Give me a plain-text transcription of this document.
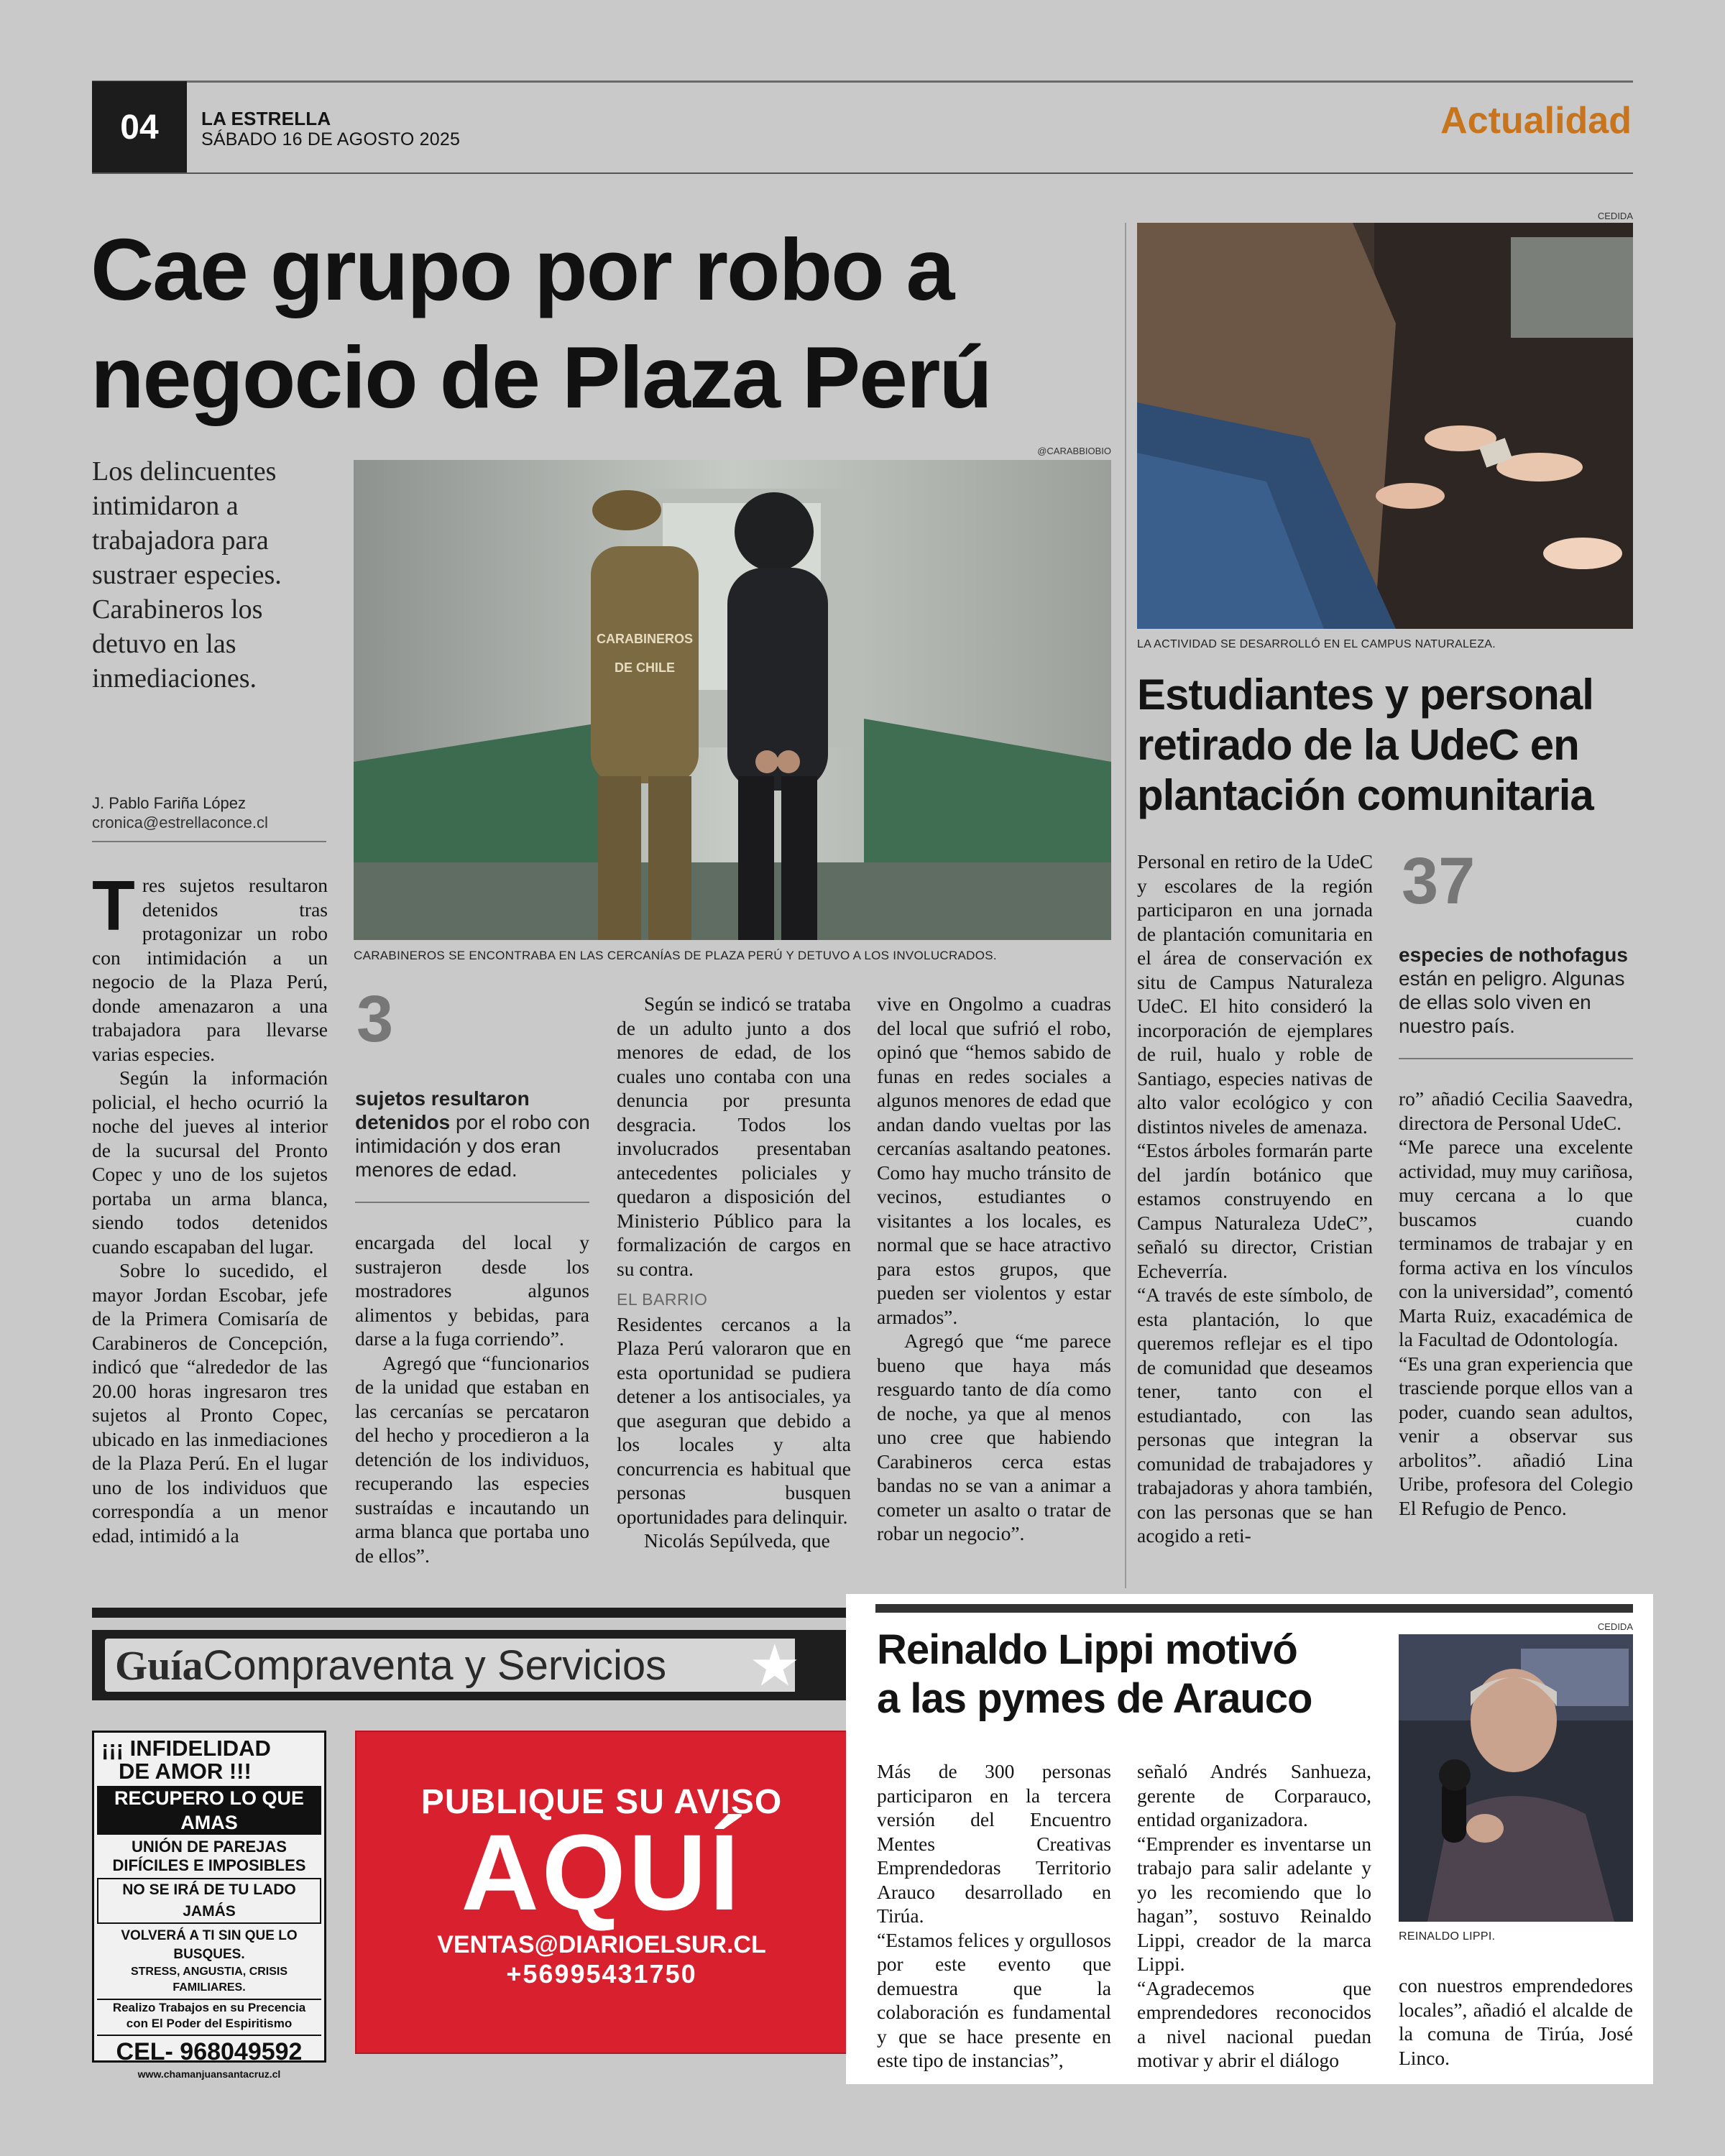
04 LA ESTRELLA
SÁBADO 16 DE AGOSTO 2025	Actualidad
Cae grupo por robo a
negocio de Plaza Perú
Los delincuentes intimidaron a trabajadora para sustraer especies. Carabineros los detuvo en las inmediaciones.
J. Pablo Fariña López
cronica@estrellaconce.cl
@CARABBIOBIO
CARABINEROS
DE CHILE
CARABINEROS SE ENCONTRABA EN LAS CERCANÍAS DE PLAZA PERÚ Y DETUVO A LOS INVOLUCRADOS.

Tres sujetos resultaron detenidos tras protagonizar un robo con intimidación a un negocio de la Plaza Perú, donde amenazaron a una trabajadora para llevarse varias especies.

Según la información policial, el hecho ocurrió la noche del jueves al interior de la sucursal del Pronto Copec y uno de los sujetos portaba un arma blanca, siendo todos detenidos cuando escapaban del lugar.

Sobre lo sucedido, el mayor Jordan Escobar, jefe de la Primera Comisaría de Carabineros de Concepción, indicó que “alrededor de las 20.00 horas ingresaron tres sujetos al Pronto Copec, ubicado en las inmediaciones de la Plaza Perú. En el lugar uno de los individuos que correspondía a un menor edad, intimidó a la

3
sujetos resultaron detenidos por el robo con intimidación y dos eran menores de edad.

encargada del local y sustrajeron desde los mostradores algunos alimentos y bebidas, para darse a la fuga corriendo”.

Agregó que “funcionarios de la unidad que estaban en las cercanías se percataron del hecho y procedieron a la detención de los individuos, recuperando las especies sustraídas e incautando un arma blanca que portaba uno de ellos”.

Según se indicó se trataba de un adulto junto a dos menores de edad, de los cuales uno contaba con una denuncia por presunta desgracia. Todos los involucrados presentaban antecedentes policiales y quedaron a disposición del Ministerio Público para la formalización de cargos en su contra.

EL BARRIO

Residentes cercanos a la Plaza Perú valoraron que en esta oportunidad se pudiera detener a los antisociales, ya que aseguran que debido a los locales y alta concurrencia es habitual que personas busquen oportunidades para delinquir.

Nicolás Sepúlveda, que

vive en Ongolmo a cuadras del local que sufrió el robo, opinó que “hemos sabido de funas en redes sociales a algunos menores de edad que andan dando vueltas por las cercanías asaltando peatones. Como hay mucho tránsito de vecinos, estudiantes o visitantes a los locales, es normal que se hace atractivo para estos grupos, que pueden ser violentos y estar armados”.

Agregó que “me parece bueno que haya más resguardo tanto de día como de noche, ya que al menos uno cree que habiendo Carabineros cerca estas bandas no se van a animar a cometer un asalto o tratar de robar un negocio”.

CEDIDA
LA ACTIVIDAD SE DESARROLLÓ EN EL CAMPUS NATURALEZA.
Estudiantes y personal retirado de la UdeC en plantación comunitaria

Personal en retiro de la UdeC y escolares de la región participaron en una jornada de plantación comunitaria en el área de conservación ex situ de Campus Naturaleza UdeC. El hito consideró la incorporación de ejemplares de ruil, hualo y roble de Santiago, especies nativas de alto valor ecológico y con distintos niveles de amenaza.

“Estos árboles formarán parte del jardín botánico que estamos construyendo en Campus Naturaleza UdeC”, señaló su director, Cristian Echeverría.

“A través de este símbolo, de esta plantación, lo que queremos reflejar es el tipo de comunidad que deseamos tener, tanto con el estudiantado, con las personas que integran la comunidad de trabajadores y trabajadoras y ahora también, con las personas que se han acogido a reti-

37
especies de nothofagus están en peligro. Algunas de ellas solo viven en nuestro país.

ro” añadió Cecilia Saavedra, directora de Personal UdeC.

“Me parece una excelente actividad, muy muy cariñosa, muy cercana a lo que buscamos cuando terminamos de trabajar y en forma activa en los vínculos con la universidad”, comentó Marta Ruiz, exacadémica de la Facultad de Odontología.

“Es una gran experiencia que trasciende porque ellos van a poder, cuando sean adultos, venir a observar sus arbolitos”. añadió Lina Uribe, profesora del Colegio El Refugio de Penco.

Guía Compraventa y Servicios ★
¡¡¡ INFIDELIDAD
DE AMOR !!!
RECUPERO LO QUE AMAS
UNIÓN DE PAREJAS
DIFÍCILES E IMPOSIBLES
NO SE IRÁ DE TU LADO JAMÁS
VOLVERÁ A TI SIN QUE LO BUSQUES.
STRESS, ANGUSTIA, CRISIS FAMILIARES.
Realizo Trabajos en su Precencia
con El Poder del Espiritismo
CEL- 968049592
www.chamanjuansantacruz.cl
PUBLIQUE SU AVISO
AQUÍ
VENTAS@DIARIOELSUR.CL
+56995431750
Reinaldo Lippi motivó
a las pymes de Arauco
CEDIDA
REINALDO LIPPI.

Más de 300 personas participaron en la tercera versión del Encuentro Mentes Creativas Emprendedoras Territorio Arauco desarrollado en Tirúa.

“Estamos felices y orgullosos por este evento que demuestra que la colaboración es fundamental y que se hace presente en este tipo de instancias”,

señaló Andrés Sanhueza, gerente de Corparauco, entidad organizadora.

“Emprender es inventarse un trabajo para salir adelante y yo les recomiendo que lo hagan”, sostuvo Reinaldo Lippi, creador de la marca Lippi.

“Agradecemos que emprendedores reconocidos a nivel nacional puedan motivar y abrir el diálogo

con nuestros emprendedores locales”, añadió el alcalde de la comuna de Tirúa, José Linco.
